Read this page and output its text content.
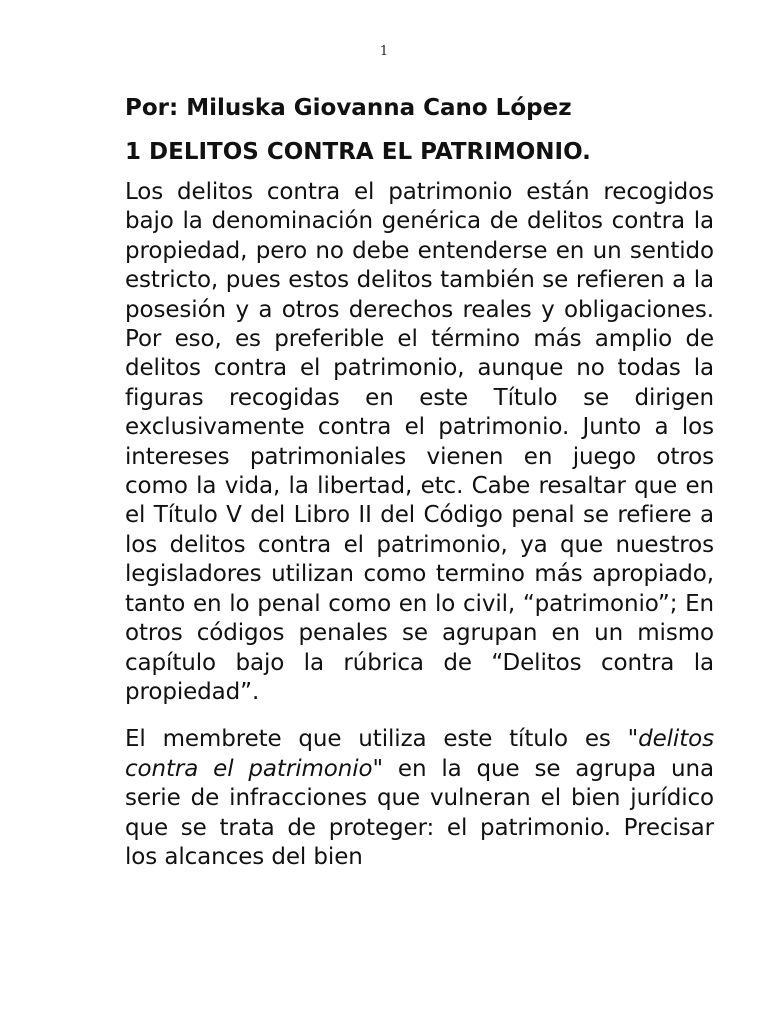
1

Por: Miluska Giovanna Cano López

1 DELITOS CONTRA EL PATRIMONIO.

Los delitos contra el patrimonio están recogidos bajo la denominación genérica de delitos contra la propiedad, pero no debe entenderse en un sentido estricto, pues estos delitos también se refieren a la posesión y a otros derechos reales y obligaciones. Por eso, es preferible el término más amplio de delitos contra el patrimonio, aunque no todas la figuras recogidas en este Título se dirigen exclusivamente contra el patrimonio. Junto a los intereses patrimoniales vienen en juego otros como la vida, la libertad, etc. Cabe resaltar que en el Título V del Libro II del Código penal se refiere a los delitos contra el patrimonio, ya que nuestros legisladores utilizan como termino más apropiado, tanto en lo penal como en lo civil, “patrimonio”; En otros códigos penales se agrupan en un mismo capítulo bajo la rúbrica de “Delitos contra la propiedad”.

El membrete que utiliza este título es "delitos contra el patrimonio" en la que se agrupa una serie de infracciones que vulneran el bien jurídico que se trata de proteger: el patrimonio. Precisar los alcances del bien
